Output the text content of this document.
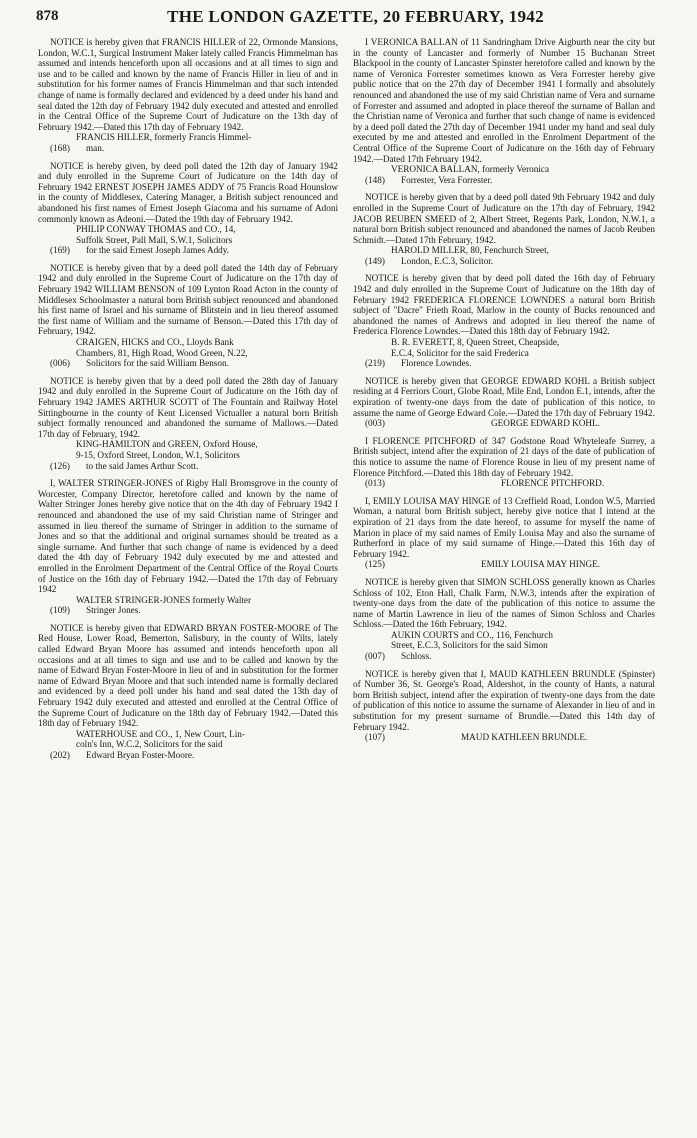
878	THE LONDON GAZETTE, 20 FEBRUARY, 1942

NOTICE is hereby given that FRANCIS HILLER of 22, Ormonde Mansions, London, W.C.1, Surgical Instrument Maker lately called Francis Himmelman has assumed and intends henceforth upon all occasions and at all times to sign and use and to be called and known by the name of Francis Hiller in lieu of and in substitution for his former names of Francis Himmelman and that such intended change of name is formally declared and evidenced by a deed under his hand and seal dated the 12th day of February 1942 duly executed and attested and enrolled in the Central Office of the Supreme Court of Judicature on the 13th day of February 1942.—Dated this 17th day of February 1942.

FRANCIS HILLER, formerly Francis Himmel-

(168) man.

NOTICE is hereby given, by deed poll dated the 12th day of January 1942 and duly enrolled in the Supreme Court of Judicature on the 14th day of February 1942 ERNEST JOSEPH JAMES ADDY of 75 Francis Road Hounslow in the county of Middlesex, Catering Manager, a British subject renounced and abandoned his first names of Ernest Joseph Giacoma and his surname of Adoni commonly known as Adeoni.—Dated the 19th day of February 1942.

PHILIP CONWAY THOMAS and CO., 14,

Suffolk Street, Pall Mall, S.W.1, Solicitors

(169) for the said Ernest Joseph James Addy.

NOTICE is hereby given that by a deed poll dated the 14th day of February 1942 and duly enrolled in the Supreme Court of Judicature on the 17th day of February 1942 WILLIAM BENSON of 109 Lynton Road Acton in the county of Middlesex Schoolmaster a natural born British subject renounced and abandoned his first name of Israel and his surname of Blitstein and in lieu thereof assumed the first name of William and the surname of Benson.—Dated this 17th day of February, 1942.

CRAIGEN, HICKS and CO., Lloyds Bank

Chambers, 81, High Road, Wood Green, N.22,

(006) Solicitors for the said William Benson.

NOTICE is hereby given that by a deed poll dated the 28th day of January 1942 and duly enrolled in the Supreme Court of Judicature on the 16th day of February 1942 JAMES ARTHUR SCOTT of The Fountain and Railway Hotel Sittingbourne in the county of Kent Licensed Victualler a natural born British subject formally renounced and abandoned the surname of Mallows.—Dated 17th day of February, 1942.

KING-HAMILTON and GREEN, Oxford House,

9-15, Oxford Street, London, W.1, Solicitors

(126) to the said James Arthur Scott.

I, WALTER STRINGER-JONES of Rigby Hall Bromsgrove in the county of Worcester, Company Director, heretofore called and known by the name of Walter Stringer Jones hereby give notice that on the 4th day of February 1942 I renounced and abandoned the use of my said Christian name of Stringer and assumed in lieu thereof the surname of Stringer in addition to the surname of Jones and so that the additional and original surnames should be treated as a single surname. And further that such change of name is evidenced by a deed dated the 4th day of February 1942 duly executed by me and attested and enrolled in the Enrolment Department of the Central Office of the Royal Courts of Justice on the 16th day of February 1942.—Dated the 17th day of February 1942

WALTER STRINGER-JONES formerly Walter

(109) Stringer Jones.

NOTICE is hereby given that EDWARD BRYAN FOSTER-MOORE of The Red House, Lower Road, Bemerton, Salisbury, in the county of Wilts, lately called Edward Bryan Moore has assumed and intends henceforth upon all occasions and at all times to sign and use and to be called and known by the name of Edward Bryan Foster-Moore in lieu of and in substitution for the former name of Edward Bryan Moore and that such intended name is formally declared and evidenced by a deed poll under his hand and seal dated the 13th day of February 1942 duly executed and attested and enrolled at the Central Office of the Supreme Court of Judicature on the 18th day of February 1942.—Dated this 18th day of February 1942.

WATERHOUSE and CO., 1, New Court, Lin-

coln's Inn, W.C.2, Solicitors for the said

(202) Edward Bryan Foster-Moore.

I VERONICA BALLAN of 11 Sandringham Drive Aigburth near the city but in the county of Lancaster and formerly of Number 15 Buchanan Street Blackpool in the county of Lancaster Spinster heretofore called and known by the name of Veronica Forrester sometimes known as Vera Forrester hereby give public notice that on the 27th day of December 1941 I formally and absolutely renounced and abandoned the use of my said Christian name of Vera and surname of Forrester and assumed and adopted in place thereof the surname of Ballan and the Christian name of Veronica and further that such change of name is evidenced by a deed poll dated the 27th day of December 1941 under my hand and seal duly executed by me and attested and enrolled in the Enrolment Department of the Central Office of the Supreme Court of Judicature on the 16th day of February 1942.—Dated 17th February 1942.

VERONICA BALLAN, formerly Veronica

(148) Forrester, Vera Forrester.

NOTICE is hereby given that by a deed poll dated 9th February 1942 and duly enrolled in the Supreme Court of Judicature on the 17th day of February, 1942 JACOB REUBEN SMEED of 2, Albert Street, Regents Park, London, N.W.1, a natural born British subject renounced and abandoned the names of Jacob Reuben Schmidt.—Dated 17th February, 1942.

HAROLD MILLER, 80, Fenchurch Street,

(149) London, E.C.3, Solicitor.

NOTICE is hereby given that by deed poll dated the 16th day of February 1942 and duly enrolled in the Supreme Court of Judicature on the 18th day of February 1942 FREDERICA FLORENCE LOWNDES a natural born British subject of "Dacre" Frieth Road, Marlow in the county of Bucks renounced and abandoned the names of Andrews and adopted in lieu thereof the name of Frederica Florence Lowndes.—Dated this 18th day of February 1942.

B. R. EVERETT, 8, Queen Street, Cheapside,

E.C.4, Solicitor for the said Frederica

(219) Florence Lowndes.

NOTICE is hereby given that GEORGE EDWARD KOHL a British subject residing at 4 Ferriors Court, Globe Road, Mile End, London E.1, intends, after the expiration of twenty-one days from the date of publication of this notice, to assume the name of George Edward Cole.—Dated the 17th day of February 1942.

(003)	GEORGE EDWARD KOHL.

I FLORENCE PITCHFORD of 347 Godstone Road Whyteleafe Surrey, a British subject, intend after the expiration of 21 days of the date of publication of this notice to assume the name of Florence Rouse in lieu of my present name of Florence Pitchford.—Dated this 18th day of February 1942.

(013)	FLORENCE PITCHFORD.

I, EMILY LOUISA MAY HINGE of 13 Creffield Road, London W.5, Married Woman, a natural born British subject, hereby give notice that I intend at the expiration of 21 days from the date hereof, to assume for myself the name of Marion in place of my said names of Emily Louisa May and also the surname of Rutherford in place of my said surname of Hinge.—Dated this 16th day of February 1942.

(125)	EMILY LOUISA MAY HINGE.

NOTICE is hereby given that SIMON SCHLOSS generally known as Charles Schloss of 102, Eton Hall, Chalk Farm, N.W.3, intends after the expiration of twenty-one days from the date of the publication of this notice to assume the name of Martin Lawrence in lieu of the names of Simon Schloss and Charles Schloss.—Dated the 16th February, 1942.

AUKIN COURTS and CO., 116, Fenchurch

Street, E.C.3, Solicitors for the said Simon

(007) Schloss.

NOTICE is hereby given that I, MAUD KATHLEEN BRUNDLE (Spinster) of Number 36, St. George's Road, Aldershot, in the county of Hants, a natural born British subject, intend after the expiration of twenty-one days from the date of publication of this notice to assume the surname of Alexander in lieu of and in substitution for my present surname of Brundle.—Dated this 14th day of February 1942.

(107)	MAUD KATHLEEN BRUNDLE.
